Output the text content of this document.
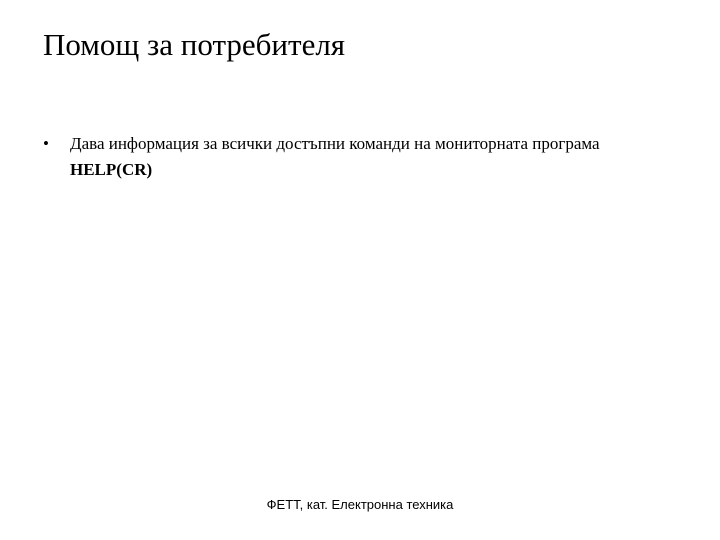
Помощ за потребителя
• Дава информация за всички достъпни команди на мониторната програма
HELP(CR)
ФЕТТ, кат. Електронна техника
